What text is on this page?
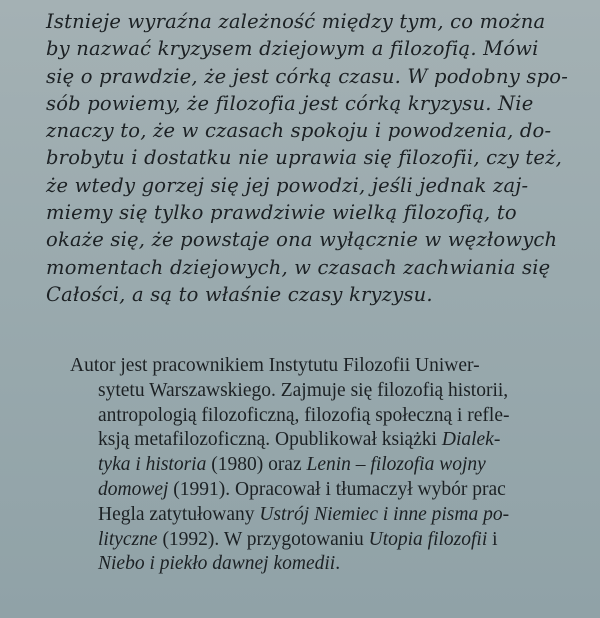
Istnieje wyraźna zależność między tym, co można
by nazwać kryzysem dziejowym a filozofią. Mówi
się o prawdzie, że jest córką czasu. W podobny spo-
sób powiemy, że filozofia jest córką kryzysu. Nie
znaczy to, że w czasach spokoju i powodzenia, do-
brobytu i dostatku nie uprawia się filozofii, czy też,
że wtedy gorzej się jej powodzi, jeśli jednak zaj-
miemy się tylko prawdziwie wielką filozofią, to
okaże się, że powstaje ona wyłącznie w węzłowych
momentach dziejowych, w czasach zachwiania się
Całości, a są to właśnie czasy kryzysu.
Autor jest pracownikiem Instytutu Filozofii Uniwer-
sytetu Warszawskiego. Zajmuje się filozofią historii,
antropologią filozoficzną, filozofią społeczną i refle-
ksją metafilozoficzną. Opublikował książki Dialek-
tyka i historia (1980) oraz Lenin – filozofia wojny
domowej (1991). Opracował i tłumaczył wybór prac
Hegla zatytułowany Ustrój Niemiec i inne pisma po-
lityczne (1992). W przygotowaniu Utopia filozofii i
Niebo i piekło dawnej komedii.
